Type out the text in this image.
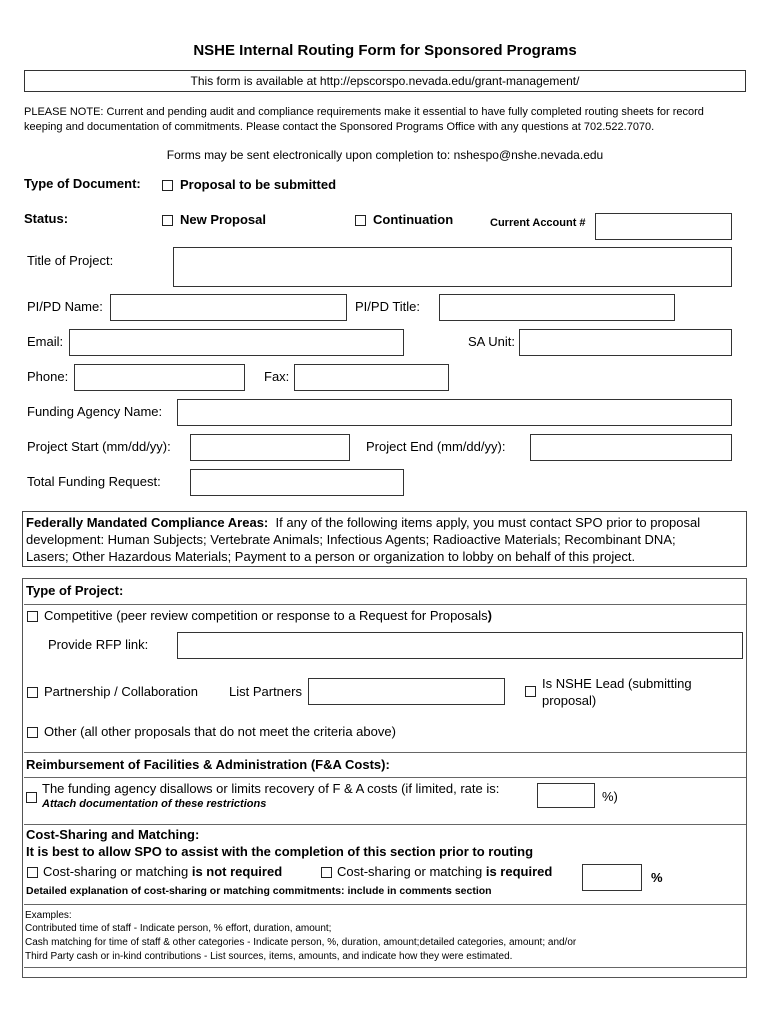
NSHE Internal Routing Form for Sponsored Programs
This form is available at http://epscorspo.nevada.edu/grant-management/
PLEASE NOTE: Current and pending audit and compliance requirements make it essential to have fully completed routing sheets for record
keeping and documentation of commitments. Please contact the Sponsored Programs Office with any questions at 702.522.7070.
Forms may be sent electronically upon completion to: nshespo@nshe.nevada.edu
Type of Document:	Proposal to be submitted
Status:	New Proposal	Continuation	Current Account #
Title of Project:
PI/PD Name:	PI/PD Title:
Email:	SA Unit:
Phone:	Fax:
Funding Agency Name:
Project Start (mm/dd/yy):	Project End (mm/dd/yy):
Total Funding Request:
Federally Mandated Compliance Areas: If any of the following items apply, you must contact SPO prior to proposal
development: Human Subjects; Vertebrate Animals; Infectious Agents; Radioactive Materials; Recombinant DNA;
Lasers; Other Hazardous Materials; Payment to a person or organization to lobby on behalf of this project.
Type of Project:
Competitive (peer review competition or response to a Request for Proposals)
Provide RFP link:
Partnership / Collaboration List Partners
Is NSHE Lead (submitting
proposal)
Other (all other proposals that do not meet the criteria above)
Reimbursement of Facilities & Administration (F&A Costs):
The funding agency disallows or limits recovery of F & A costs (if limited, rate is:
Attach documentation of these restrictions	%)
Cost-Sharing and Matching:
It is best to allow SPO to assist with the completion of this section prior to routing
Cost-sharing or matching is not required	Cost-sharing or matching is required	%
Detailed explanation of cost-sharing or matching commitments: include in comments section
Examples:
Contributed time of staff - Indicate person, % effort, duration, amount;
Cash matching for time of staff & other categories - Indicate person, %, duration, amount;detailed categories, amount; and/or
Third Party cash or in-kind contributions - List sources, items, amounts, and indicate how they were estimated.
